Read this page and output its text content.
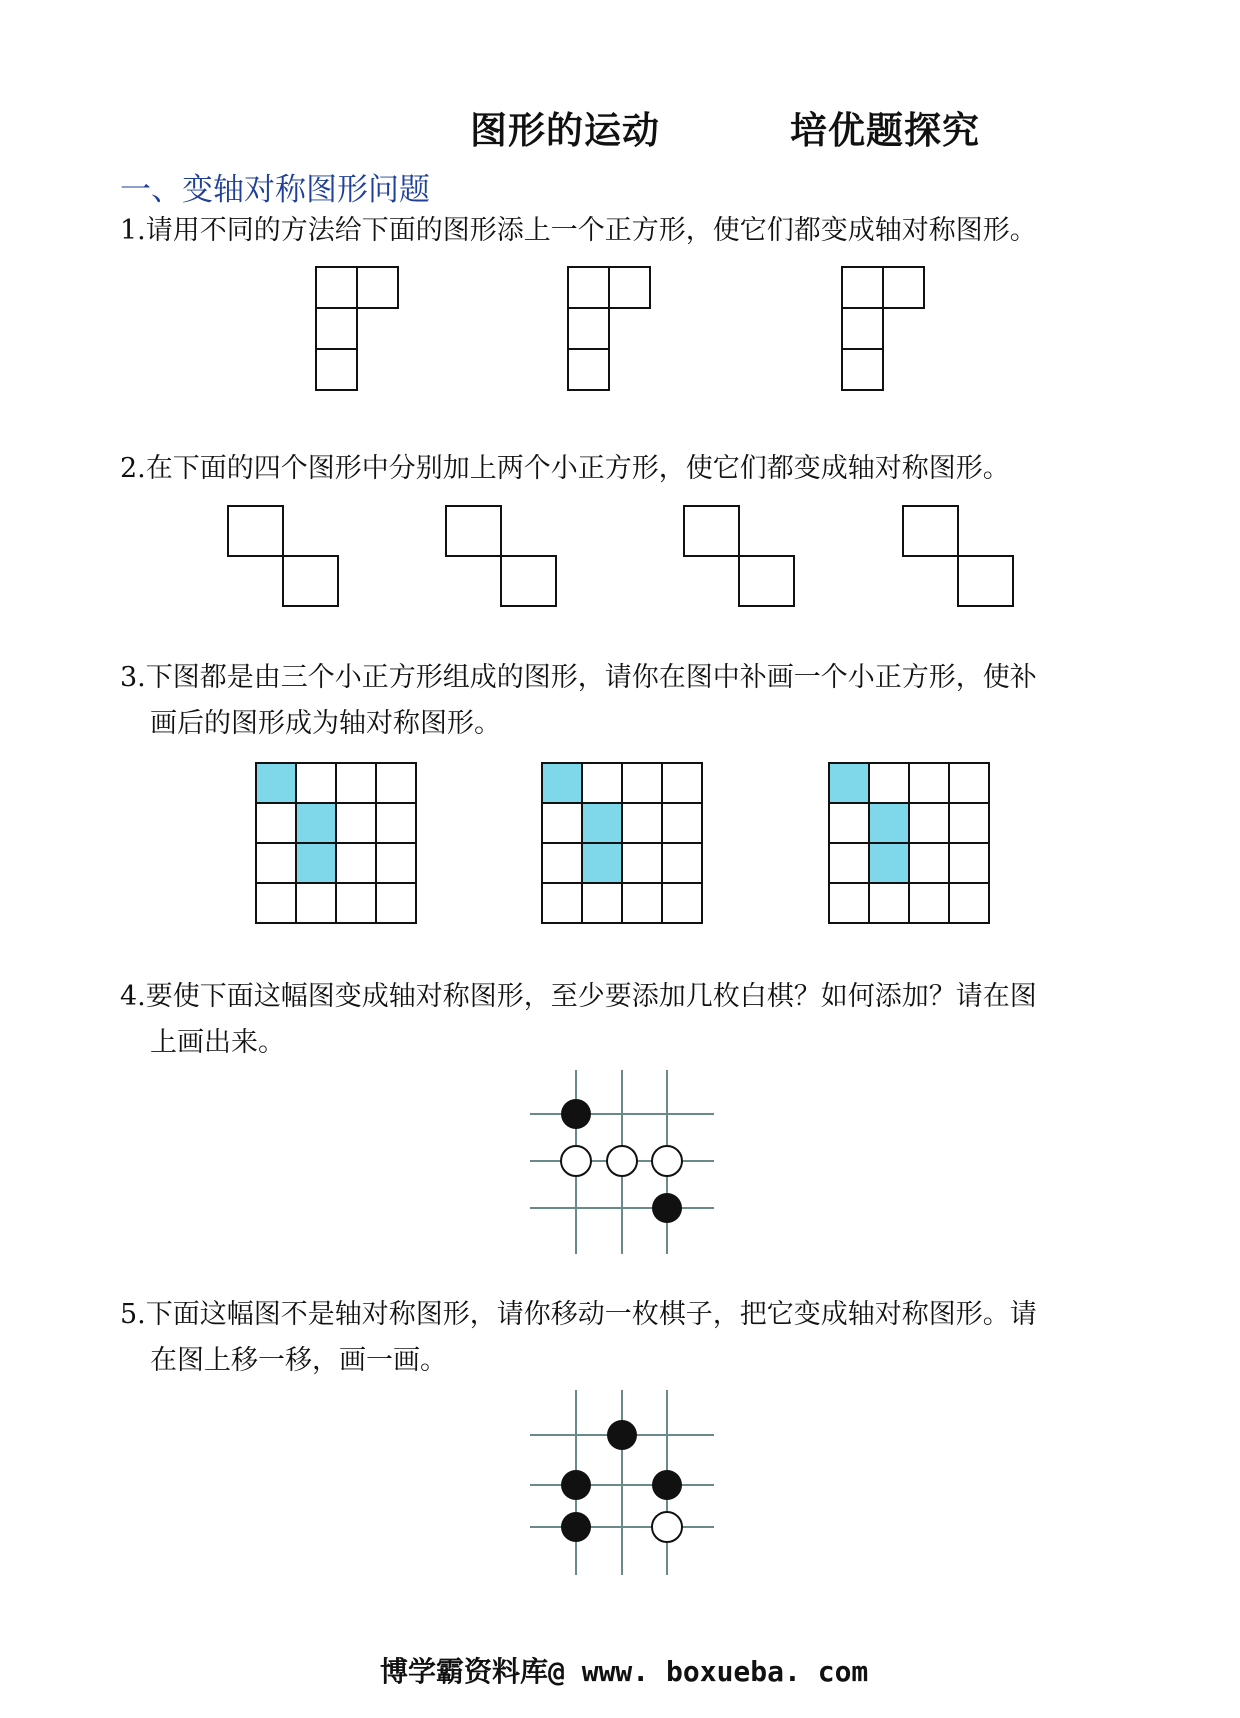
图形的运动	培优题探究
一、变轴对称图形问题
1.请用不同的方法给下面的图形添上一个正方形，使它们都变成轴对称图形。
2.在下面的四个图形中分别加上两个小正方形，使它们都变成轴对称图形。
3.下图都是由三个小正方形组成的图形，请你在图中补画一个小正方形，使补
画后的图形成为轴对称图形。
4.要使下面这幅图变成轴对称图形，至少要添加几枚白棋？如何添加？请在图
上画出来。
5.下面这幅图不是轴对称图形，请你移动一枚棋子，把它变成轴对称图形。请
在图上移一移，画一画。
博学霸资料库@ www. boxueba. com
